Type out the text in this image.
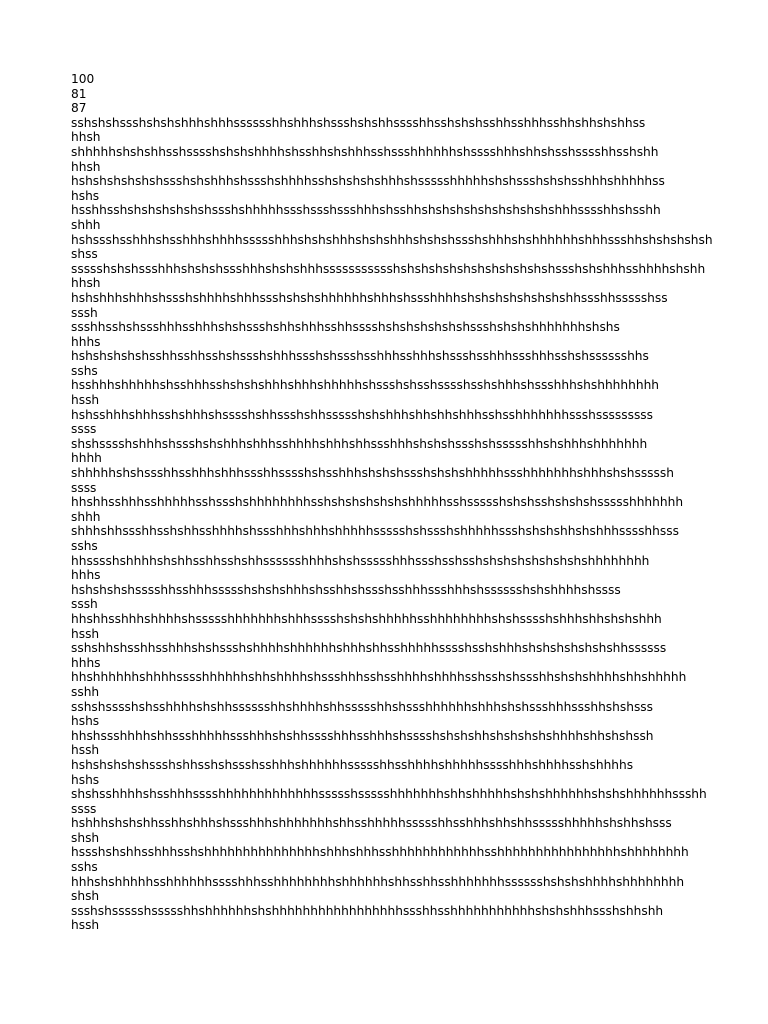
100
81
87
sshshshssshshshshhhshhhsssssshhshhhshssshshshhsssshhsshshshsshhsshhhsshhshhshshhss
hhsh
shhhhhshshshhsshsssshshshshhhhshsshhshshhhsshssshhhhhhshsssshhhshhshsshsssshhsshshh
hhsh
hshshshshshshssshshshhhshssshshhhhsshshshshshhhshssssshhhhhshshssshshshsshhhshhhhhss
hshs
hsshhsshshshshshshshssshshhhhhssshssshssshhhshsshhshshshshshshshshshshhhsssshhshsshh
shhh
hshssshsshhhshsshhhshhhhssssshhhshshshhhshshshhhshshshssshshhhshshhhhhhshhhssshhshshshshsh
shss
ssssshshshssshhhshshshssshhhshshshhhssssssssssshshshshshshshshshshshshssshshshhhsshhhhshshh
hhsh
hshshhhshhhshssshshhhhshhhssshshshshhhhhhshhhshssshhhhshshshshshshshshhssshhssssshss
sssh
ssshhsshshssshhhsshhhshshssshshhshhhsshhsssshshshshshshshssshshshshhhhhhhshshs
hhhs
hshshshshshsshhsshhsshshssshshhhssshshssshsshhhsshhhshssshsshhhssshhhsshshsssssshhs
sshs
hsshhhshhhhhshsshhhsshshshshhhshhhshhhhhshssshshsshsssshsshshhhshssshhhshshhhhhhhh
hssh
hshsshhhshhhsshshhhshsssshshhssshshhssssshshshhhshhshhshhhsshsshhhhhhhssshsssssssss
ssss
shshsssshshhhshssshshshhhshhhsshhhhshhhshhssshhhshshshssshshssssshhshshhhshhhhhhh
hhhh
shhhhhshshssshhsshhhshhhssshhsssshshsshhhshshshssshshshshhhhhssshhhhhhhshhhshshsssssh
ssss
hhshhsshhhsshhhhhsshssshshhhhhhhhsshshshshshshshhhhhsshssssshshshsshshshshssssshhhhhhh
shhh
shhhshhssshhsshshhsshhhhshssshhhshhhshhhhhssssshshssshshhhhhssshshshshhshshhhsssshhsss
sshs
hhsssshshhhhshshhsshhsshshhsssssshhhhshshssssshhhssshsshsshshshshshshshshshhhhhhhh
hhhs
hshshshshsssshhsshhhssssshshshshhhshsshhshssshsshhhssshhhshsssssshshshhhhshssss
sssh
hhshhsshhhshhhhshssssshhhhhhhshhhsssshshshshhhhhsshhhhhhhhshshsssshshhhshhshshshhh
hssh
sshshhshsshhsshhhshshssshshhhhshhhhhhshhhshhsshhhhhsssshsshshhhshshshshshshshhssssss
hhhs
hhshhhhhhshhhhsssshhhhhhshhshhhhshssshhhsshsshhhhshhhhsshsshshssshhshshshhhhshhshhhhh
sshh
sshshsssshshsshhhhshshhsssssshhshhhhshhssssshhshssshhhhhhshhhshshssshhhssshhshshsss
hshs
hhshssshhhhshhssshhhhhssshhhshshhsssshhhsshhhshsssshshshshhshshshshshhhhshhshshssh
hssh
hshshshshshssshshhsshshssshsshhhshhhhhhssssshhsshhhhshhhhhsssshhhshhhhsshshhhhs
hshs
shshsshhhhshsshhhsssshhhhhhhhhhhhhssssshssssshhhhhhhshhshhhhhshshshhhhhhshshshhhhhhssshh
ssss
hshhhshshshhsshhshhhshssshhhshhhhhhhshhsshhhhhssssshhsshhhshhshhssssshhhhhshshhshsss
shsh
hssshshshhsshhhsshshhhhhhhhhhhhhhhshhhshhhsshhhhhhhhhhhhsshhhhhhhhhhhhhhhhshhhhhhhh
sshs
hhhshshhhhhsshhhhhhsssshhhsshhhhhhhhshhhhhhshhsshhsshhhhhhhsssssshshshshhhhshhhhhhhh
shsh
ssshshssssshssssshhshhhhhhshshhhhhhhhhhhhhhhhhssshhsshhhhhhhhhhhshshshhhssshshhshh
hssh
